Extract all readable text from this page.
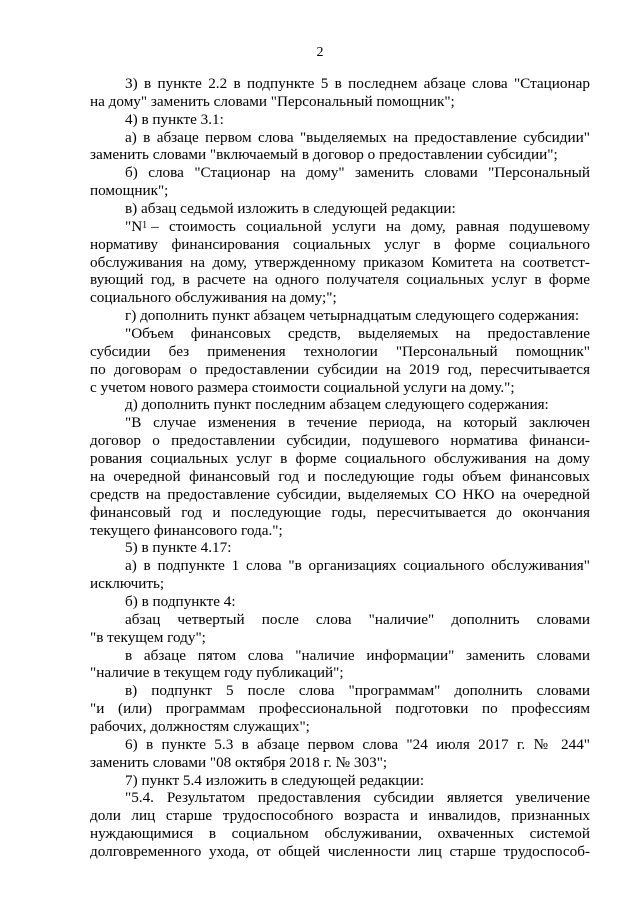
2
3) в пункте 2.2 в подпункте 5 в последнем абзаце слова "Стационар
на дому" заменить словами "Персональный помощник";
4) в пункте 3.1:
а) в абзаце первом слова "выделяемых на предоставление субсидии"
заменить словами "включаемый в договор о предоставлении субсидии";
б) слова "Стационар на дому" заменить словами "Персональный
помощник";
в) абзац седьмой изложить в следующей редакции:
" $N_1$ – стоимость социальной услуги на дому, равная подушевому
нормативу финансирования социальных услуг в форме социального
обслуживания на дому, утвержденному приказом Комитета на соответст-
вующий год, в расчете на одного получателя социальных услуг в форме
социального обслуживания на дому;";
г) дополнить пункт абзацем четырнадцатым следующего содержания:
"Объем финансовых средств, выделяемых на предоставление
субсидии без применения технологии "Персональный помощник"
по договорам о предоставлении субсидии на 2019 год, пересчитывается
с учетом нового размера стоимости социальной услуги на дому.";
д) дополнить пункт последним абзацем следующего содержания:
"В случае изменения в течение периода, на который заключен
договор о предоставлении субсидии, подушевого норматива финанси-
рования социальных услуг в форме социального обслуживания на дому
на очередной финансовый год и последующие годы объем финансовых
средств на предоставление субсидии, выделяемых СО НКО на очередной
финансовый год и последующие годы, пересчитывается до окончания
текущего финансового года.";
5) в пункте 4.17:
а) в подпункте 1 слова "в организациях социального обслуживания"
исключить;
б) в подпункте 4:
абзац четвертый после слова "наличие" дополнить словами
"в текущем году";
в абзаце пятом слова "наличие информации" заменить словами
"наличие в текущем году публикаций";
в) подпункт 5 после слова "программам" дополнить словами
"и (или) программам профессиональной подготовки по профессиям
рабочих, должностям служащих";
6) в пункте 5.3 в абзаце первом слова "24 июля 2017 г. № 244"
заменить словами "08 октября 2018 г. № 303";
7) пункт 5.4 изложить в следующей редакции:
"5.4. Результатом предоставления субсидии является увеличение
доли лиц старше трудоспособного возраста и инвалидов, признанных
нуждающимися в социальном обслуживании, охваченных системой
долговременного ухода, от общей численности лиц старше трудоспособ-
